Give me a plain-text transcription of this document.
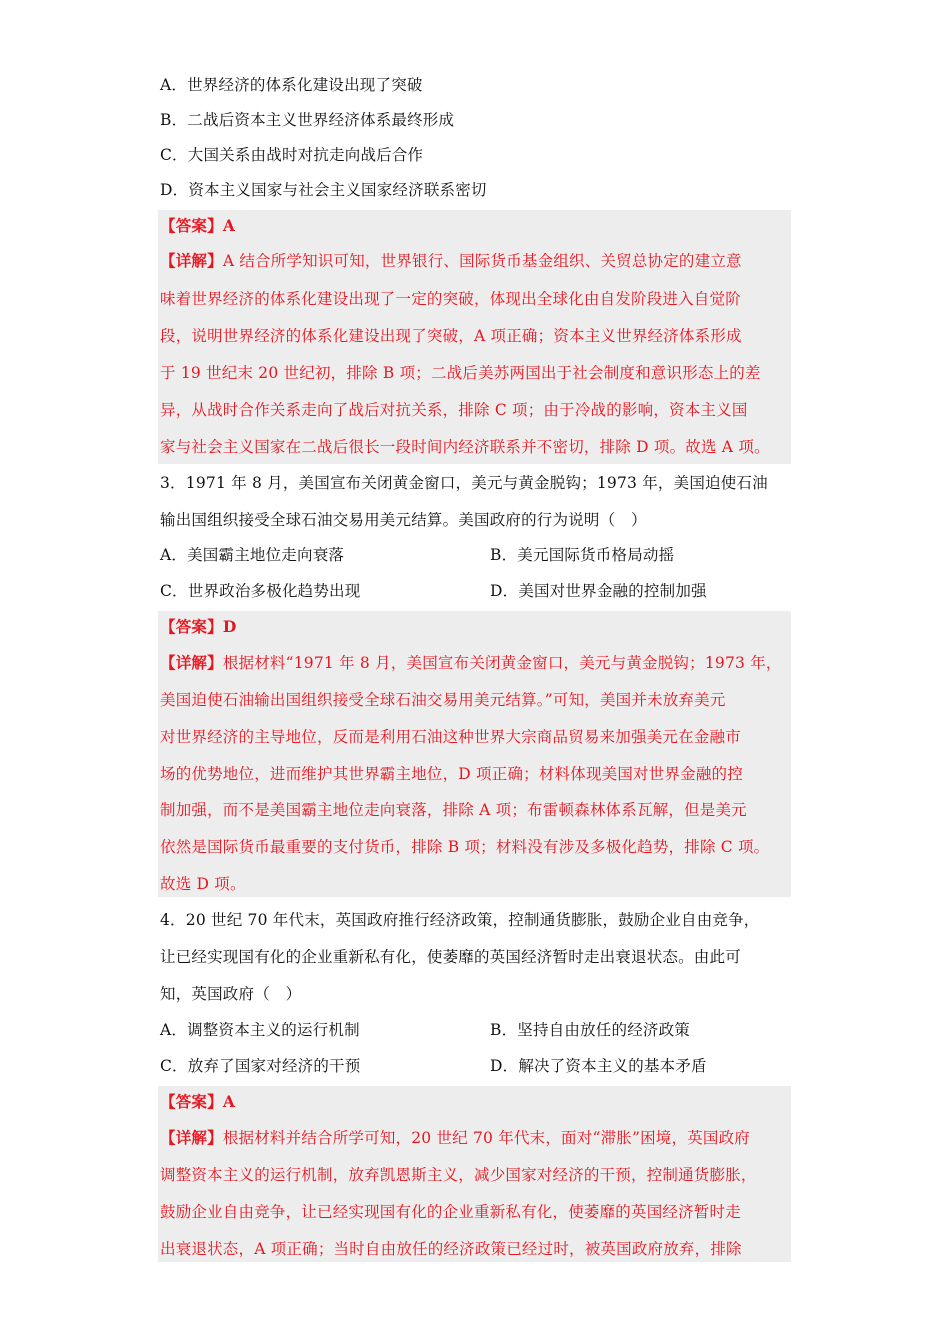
A．世界经济的体系化建设出现了突破
B．二战后资本主义世界经济体系最终形成
C．大国关系由战时对抗走向战后合作
D．资本主义国家与社会主义国家经济联系密切
【答案】A
【详解】A 结合所学知识可知，世界银行、国际货币基金组织、关贸总协定的建立意
味着世界经济的体系化建设出现了一定的突破，体现出全球化由自发阶段进入自觉阶
段，说明世界经济的体系化建设出现了突破，A 项正确；资本主义世界经济体系形成
于 19 世纪末 20 世纪初，排除 B 项；二战后美苏两国出于社会制度和意识形态上的差
异，从战时合作关系走向了战后对抗关系，排除 C 项；由于冷战的影响，资本主义国
家与社会主义国家在二战后很长一段时间内经济联系并不密切，排除 D 项。故选 A 项。
3．1971 年 8 月，美国宣布关闭黄金窗口，美元与黄金脱钩；1973 年，美国迫使石油
输出国组织接受全球石油交易用美元结算。美国政府的行为说明（　）
A．美国霸主地位走向衰落	B．美元国际货币格局动摇
C．世界政治多极化趋势出现	D．美国对世界金融的控制加强
【答案】D
【详解】根据材料“1971 年 8 月，美国宣布关闭黄金窗口，美元与黄金脱钩；1973 年，
美国迫使石油输出国组织接受全球石油交易用美元结算。”可知，美国并未放弃美元
对世界经济的主导地位，反而是利用石油这种世界大宗商品贸易来加强美元在金融市
场的优势地位，进而维护其世界霸主地位，D 项正确；材料体现美国对世界金融的控
制加强，而不是美国霸主地位走向衰落，排除 A 项；布雷顿森林体系瓦解，但是美元
依然是国际货币最重要的支付货币，排除 B 项；材料没有涉及多极化趋势，排除 C 项。
故选 D 项。
4．20 世纪 70 年代末，英国政府推行经济政策，控制通货膨胀，鼓励企业自由竞争，
让已经实现国有化的企业重新私有化，使萎靡的英国经济暂时走出衰退状态。由此可
知，英国政府（　）
A．调整资本主义的运行机制	B．坚持自由放任的经济政策
C．放弃了国家对经济的干预	D．解决了资本主义的基本矛盾
【答案】A
【详解】根据材料并结合所学可知，20 世纪 70 年代末，面对“滞胀”困境，英国政府
调整资本主义的运行机制，放弃凯恩斯主义，减少国家对经济的干预，控制通货膨胀，
鼓励企业自由竞争，让已经实现国有化的企业重新私有化，使萎靡的英国经济暂时走
出衰退状态，A 项正确；当时自由放任的经济政策已经过时，被英国政府放弃，排除
